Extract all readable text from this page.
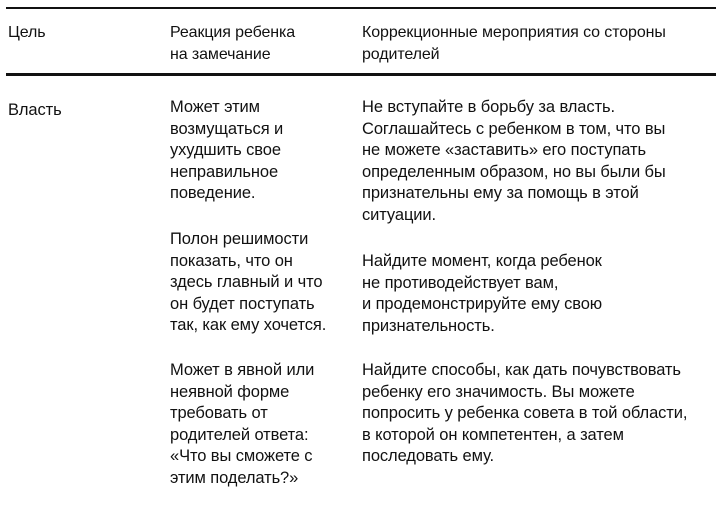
Цель	Реакция ребенка
на замечание
Коррекционные мероприятия со стороны
родителей
Власть	Может этим
возмущаться и
ухудшить свое
неправильное
поведение.
Полон решимости
показать, что он
здесь главный и что
он будет поступать
так, как ему хочется.
Может в явной или
неявной форме
требовать от
родителей ответа:
«Что вы сможете с
этим поделать?»
Не вступайте в борьбу за власть.
Соглашайтесь с ребенком в том, что вы
не можете «заставить» его поступать
определенным образом, но вы были бы
признательны ему за помощь в этой
ситуации.
Найдите момент, когда ребенок
не противодействует вам,
и продемонстрируйте ему свою
признательность.
Найдите способы, как дать почувствовать
ребенку его значимость. Вы можете
попросить у ребенка совета в той области,
в которой он компетентен, а затем
последовать ему.
